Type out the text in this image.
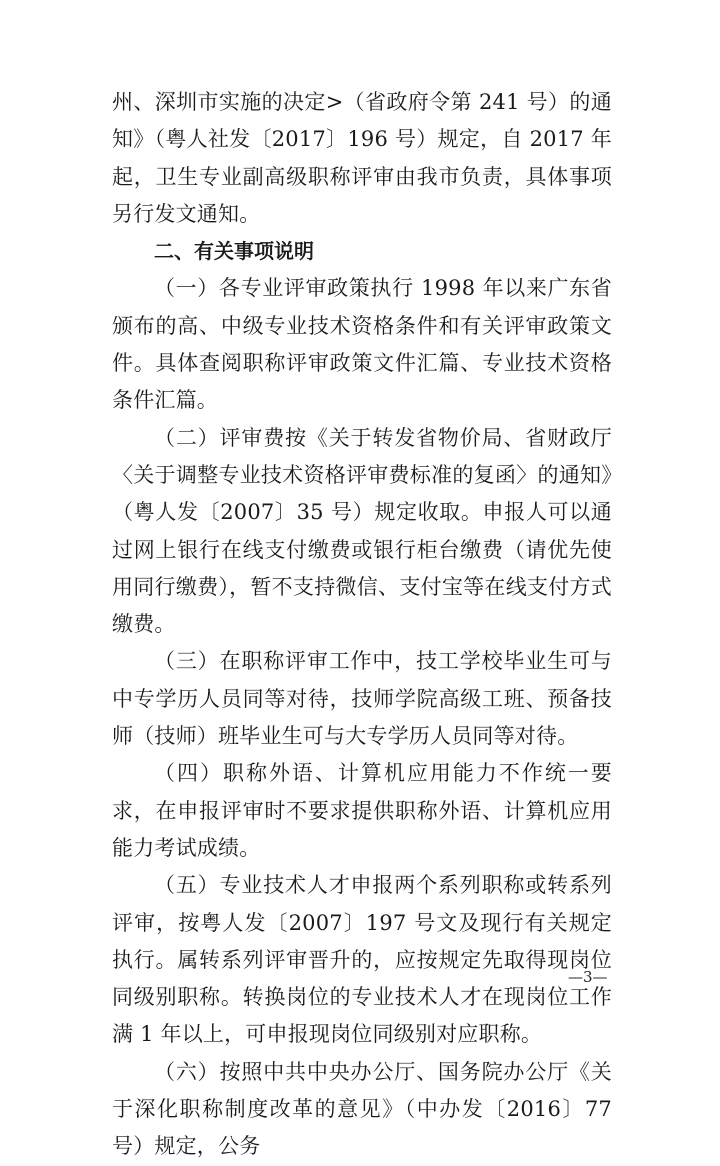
州、深圳市实施的决定>（省政府令第 241 号）的通知》（粤人社发〔2017〕196 号）规定，自 2017 年起，卫生专业副高级职称评审由我市负责，具体事项另行发文通知。

二、有关事项说明

（一）各专业评审政策执行 1998 年以来广东省颁布的高、中级专业技术资格条件和有关评审政策文件。具体查阅职称评审政策文件汇篇、专业技术资格条件汇篇。

（二）评审费按《关于转发省物价局、省财政厅〈关于调整专业技术资格评审费标准的复函〉的通知》（粤人发〔2007〕35 号）规定收取。申报人可以通过网上银行在线支付缴费或银行柜台缴费（请优先使用同行缴费），暂不支持微信、支付宝等在线支付方式缴费。

（三）在职称评审工作中，技工学校毕业生可与中专学历人员同等对待，技师学院高级工班、预备技师（技师）班毕业生可与大专学历人员同等对待。

（四）职称外语、计算机应用能力不作统一要求，在申报评审时不要求提供职称外语、计算机应用能力考试成绩。

（五）专业技术人才申报两个系列职称或转系列评审，按粤人发〔2007〕197 号文及现行有关规定执行。属转系列评审晋升的，应按规定先取得现岗位同级别职称。转换岗位的专业技术人才在现岗位工作满 1 年以上，可申报现岗位同级别对应职称。

（六）按照中共中央办公厅、国务院办公厅《关于深化职称制度改革的意见》（中办发〔2016〕77 号）规定，公务

—3—
